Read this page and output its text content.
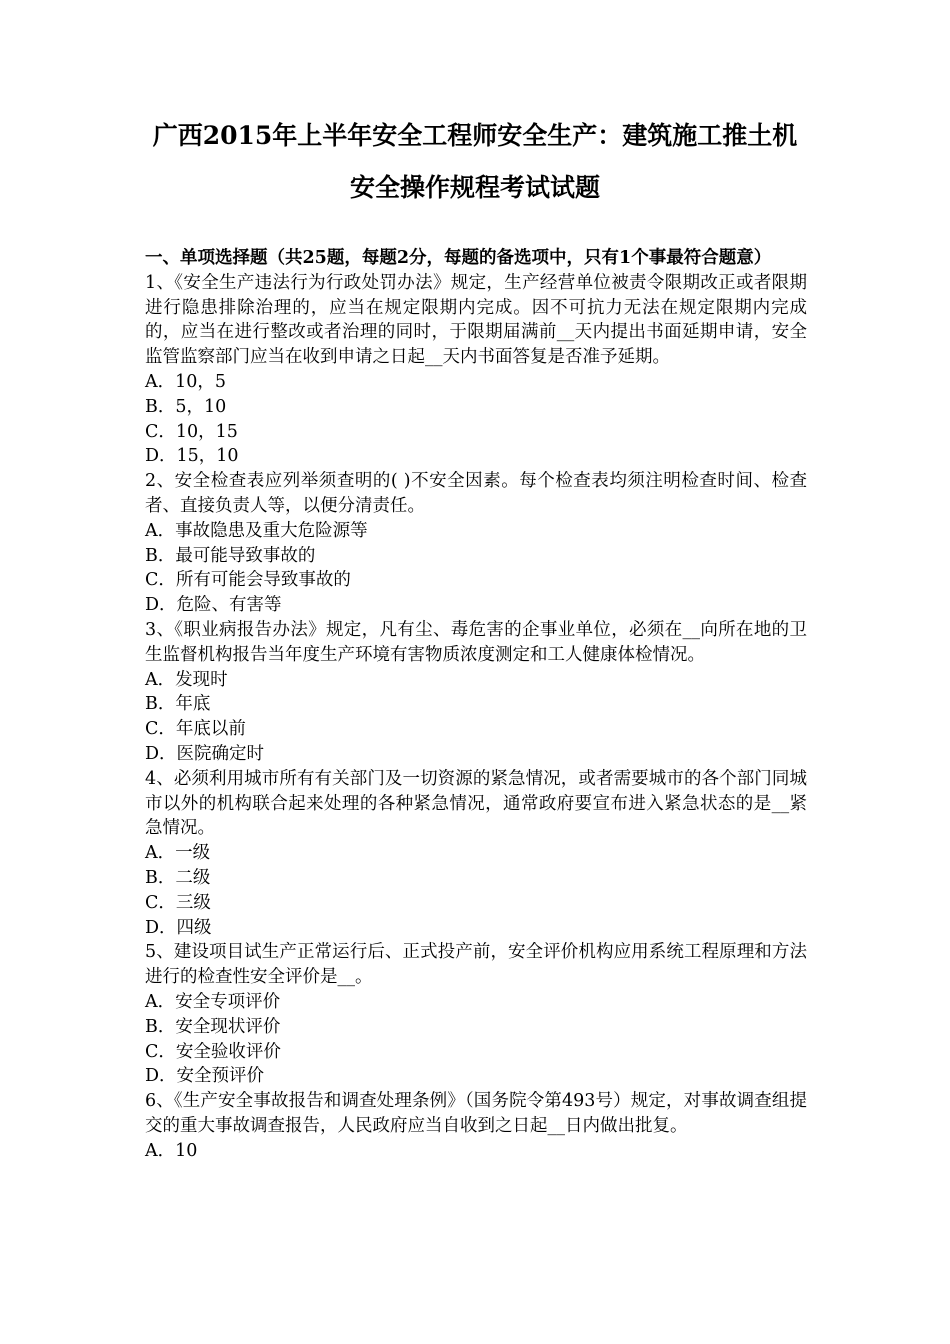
广西2015年上半年安全工程师安全生产：建筑施工推土机
安全操作规程考试试题
一、单项选择题（共25题，每题2分，每题的备选项中，只有1个事最符合题意）
1、《安全生产违法行为行政处罚办法》规定，生产经营单位被责令限期改正或者限期进行隐患排除治理的，应当在规定限期内完成。因不可抗力无法在规定限期内完成的，应当在进行整改或者治理的同时，于限期届满前__天内提出书面延期申请，安全监管监察部门应当在收到申请之日起__天内书面答复是否准予延期。
A．10，5
B．5，10
C．10，15
D．15，10
2、安全检查表应列举须查明的( )不安全因素。每个检查表均须注明检查时间、检查者、直接负责人等，以便分清责任。
A．事故隐患及重大危险源等
B．最可能导致事故的
C．所有可能会导致事故的
D．危险、有害等
3、《职业病报告办法》规定，凡有尘、毒危害的企事业单位，必须在__向所在地的卫生监督机构报告当年度生产环境有害物质浓度测定和工人健康体检情况。
A．发现时
B．年底
C．年底以前
D．医院确定时
4、必须利用城市所有有关部门及一切资源的紧急情况，或者需要城市的各个部门同城市以外的机构联合起来处理的各种紧急情况，通常政府要宣布进入紧急状态的是__紧急情况。
A．一级
B．二级
C．三级
D．四级
5、建设项目试生产正常运行后、正式投产前，安全评价机构应用系统工程原理和方法进行的检查性安全评价是__。
A．安全专项评价
B．安全现状评价
C．安全验收评价
D．安全预评价
6、《生产安全事故报告和调查处理条例》（国务院令第493号）规定，对事故调查组提交的重大事故调查报告，人民政府应当自收到之日起__日内做出批复。
A．10
